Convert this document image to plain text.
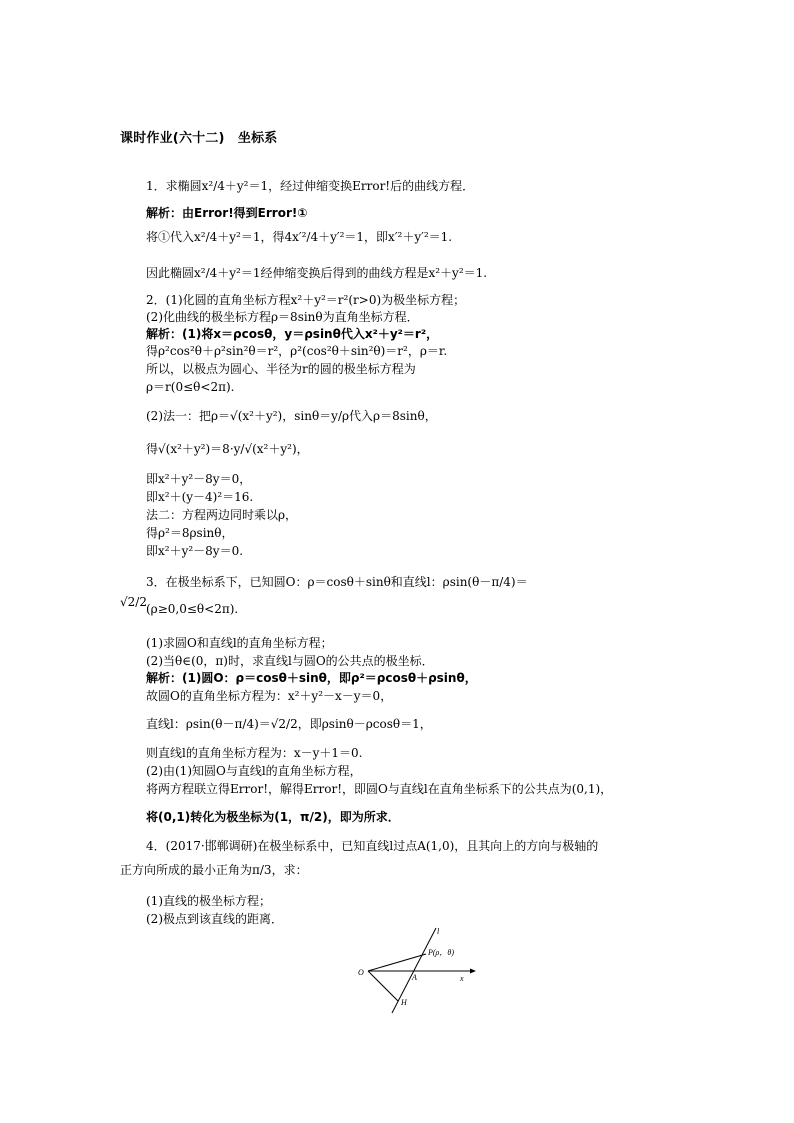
课时作业(六十二)　坐标系
1．求椭圆x²/4＋y²＝1，经过伸缩变换Error!后的曲线方程．
解析：由Error!得到Error!①
将①代入x²/4＋y²＝1，得4x′²/4＋y′²＝1，即x′²＋y′²＝1.
因此椭圆x²/4＋y²＝1经伸缩变换后得到的曲线方程是x²＋y²＝1.
2．(1)化圆的直角坐标方程x²＋y²＝r²(r>0)为极坐标方程；
(2)化曲线的极坐标方程ρ＝8sinθ为直角坐标方程．
解析：(1)将x＝ρcosθ，y＝ρsinθ代入x²＋y²＝r²，
得ρ²cos²θ＋ρ²sin²θ＝r²，ρ²(cos²θ＋sin²θ)＝r²，ρ＝r.
所以，以极点为圆心、半径为r的圆的极坐标方程为
ρ＝r(0≤θ<2π).
(2)法一：把ρ＝√(x²＋y²)，sinθ＝y/ρ代入ρ＝8sinθ，
得√(x²＋y²)＝8·y/√(x²＋y²)，
即x²＋y²－8y＝0，
即x²＋(y－4)²＝16.
法二：方程两边同时乘以ρ，
得ρ²＝8ρsinθ，
即x²＋y²－8y＝0.
(ρ≥0,0≤θ<2π).
(1)求圆O和直线l的直角坐标方程；
(2)当θ∈(0，π)时，求直线l与圆O的公共点的极坐标．
解析：(1)圆O：ρ＝cosθ＋sinθ，即ρ²＝ρcosθ＋ρsinθ，
故圆O的直角坐标方程为：x²＋y²－x－y＝0，
直线l：ρsin(θ－π/4)＝√2/2，即ρsinθ－ρcosθ＝1，
则直线l的直角坐标方程为：x－y＋1＝0.
(2)由(1)知圆O与直线l的直角坐标方程，
将(0,1)转化为极坐标为(1，π/2)，即为所求．
(1)直线的极坐标方程；
(2)极点到该直线的距离．
3．在极坐标系下，已知圆O：ρ＝cosθ＋sinθ和直线l：ρsin(θ－π/4)＝
将两方程联立得Error!，解得Error!，即圆O与直线l在直角坐标系下的公共点为(0,1)，
4．(2017·邯郸调研)在极坐标系中，已知直线l过点A(1,0)，且其向上的方向与极轴的
正方向所成的最小正角为π/3，求：
√2/2
O
l
P(ρ，θ)
A
H
x
